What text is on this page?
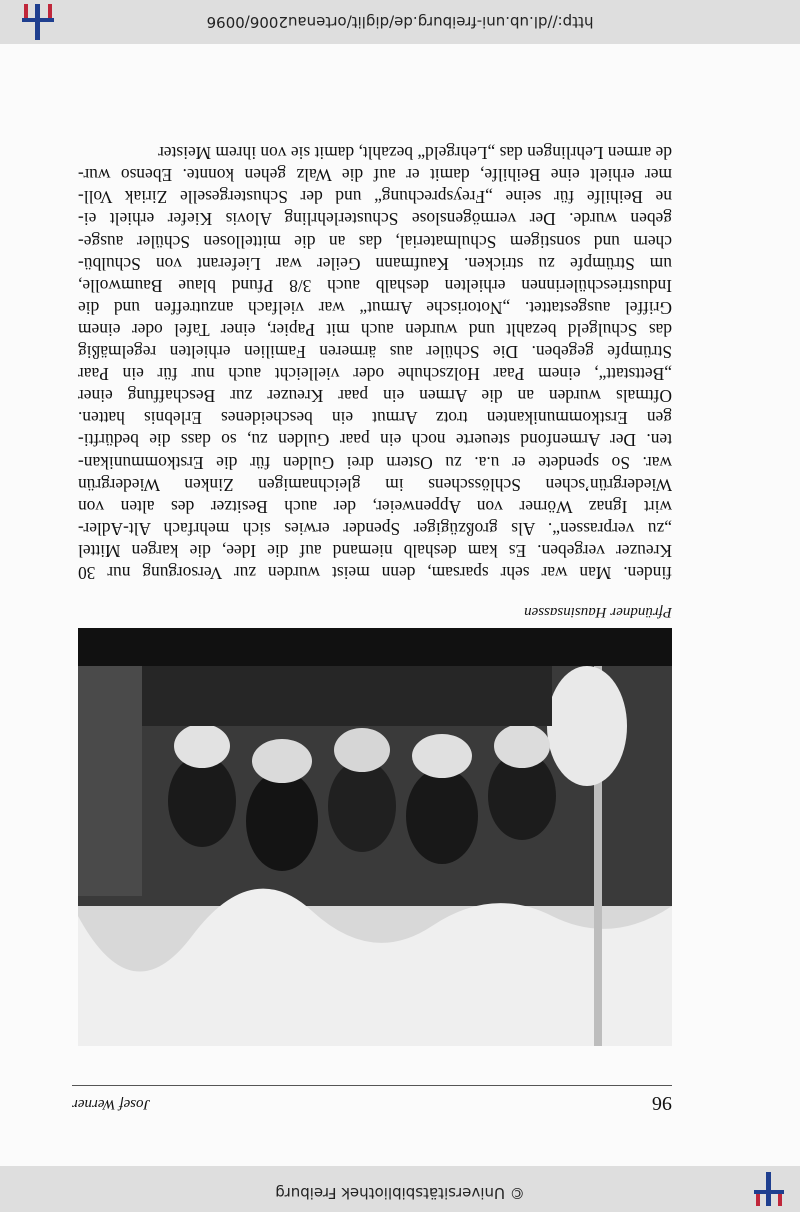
© Universitätsbibliothek Freiburg
96
Josef Werner
Pfründner Hausinsassen
finden. Man war sehr sparsam, denn meist wurden zur Versorgung nur 30
Kreuzer vergeben. Es kam deshalb niemand auf die Idee, die kargen Mittel
„zu verprassen“. Als großzügiger Spender erwies sich mehrfach Alt-Adler-
wirt Ignaz Wörner von Appenweier, der auch Besitzer des alten von
Wiedergrün’schen Schlösschens im gleichnamigen Zinken Wiedergrün
war. So spendete er u.a. zu Ostern drei Gulden für die Erstkommunikan-
ten. Der Armenfond steuerte noch ein paar Gulden zu, so dass die bedürfti-
gen Erstkommunikanten trotz Armut ein bescheidenes Erlebnis hatten.
Oftmals wurden an die Armen ein paar Kreuzer zur Beschaffung einer
„Bettstatt“, einem Paar Holzschuhe oder vielleicht auch nur für ein Paar
Strümpfe gegeben. Die Schüler aus ärmeren Familien erhielten regelmäßig
das Schulgeld bezahlt und wurden auch mit Papier, einer Tafel oder einem
Griffel ausgestattet. „Notorische Armut“ war vielfach anzutreffen und die
Industrieschülerinnen erhielten deshalb auch 3/8 Pfund blaue Baumwolle,
um Strümpfe zu stricken. Kaufmann Geiler war Lieferant von Schulbü-
chern und sonstigem Schulmaterial, das an die mittellosen Schüler ausge-
geben wurde. Der vermögenslose Schusterlehrling Alovis Kiefer erhielt ei-
ne Beihilfe für seine „Freysprechung“ und der Schustergeselle Ziriak Voll-
mer erhielt eine Beihilfe, damit er auf die Walz gehen konnte. Ebenso wur-
de armen Lehrlingen das „Lehrgeld“ bezahlt, damit sie von ihrem Meister
http://dl.ub.uni-freiburg.de/diglit/ortenau2006/0096
